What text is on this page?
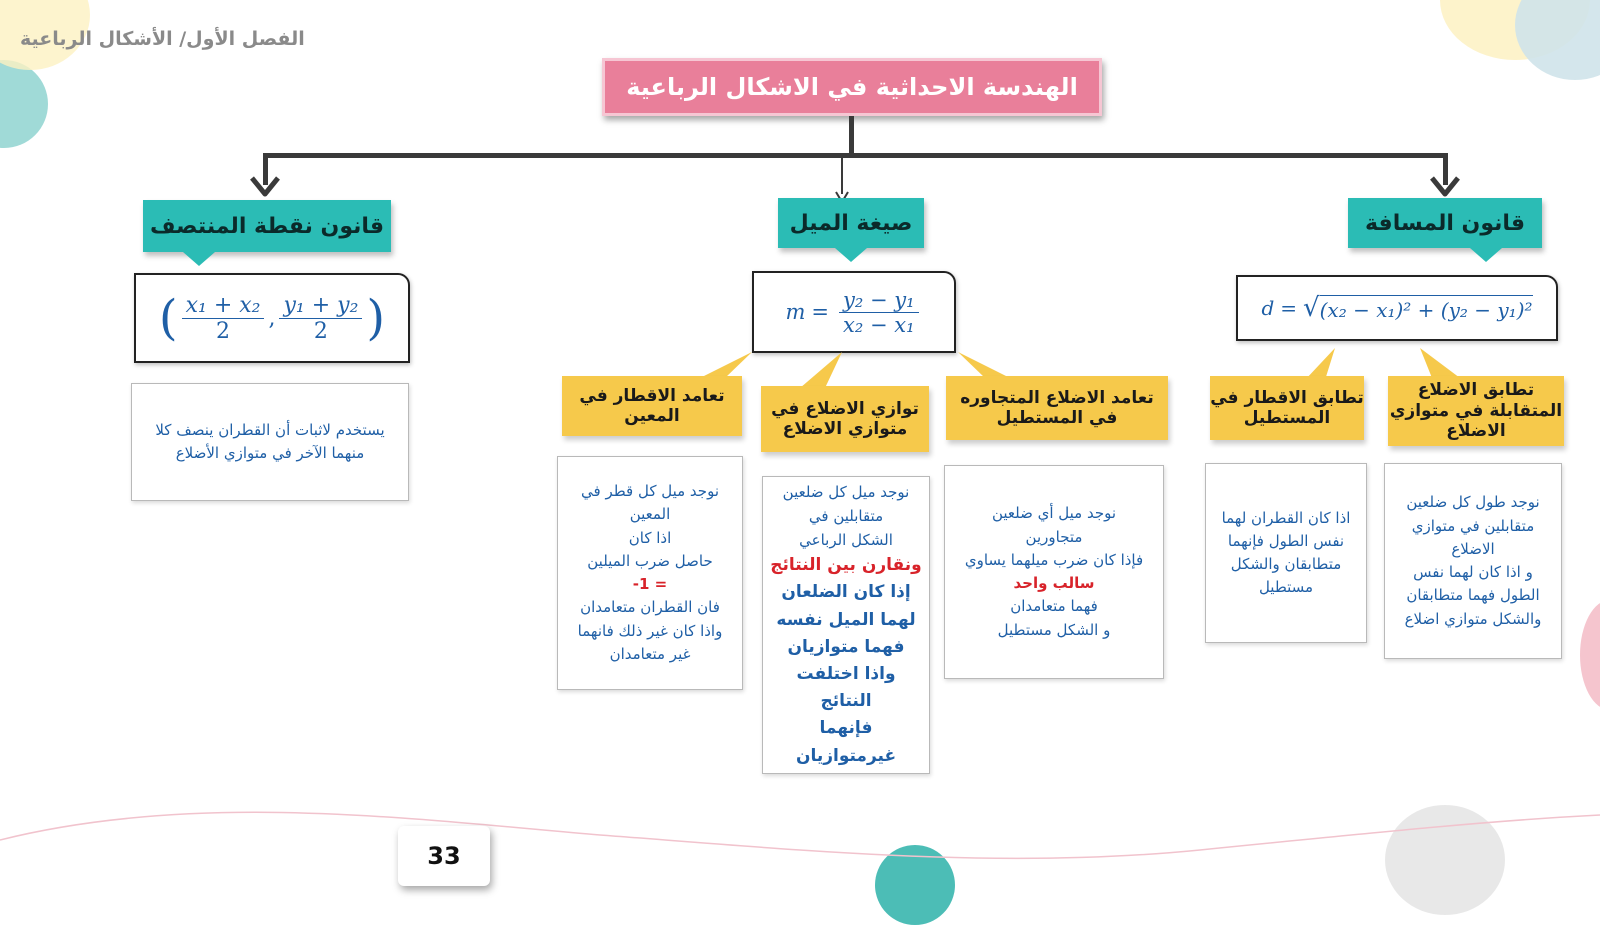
الفصل الأول/ الأشكال الرباعية
الهندسة الاحداثية في الاشكال الرباعية
قانون نقطة المنتصف	صيغة الميل	قانون المسافة
( $\frac{\text{x₁ + x₂}}{2}$ , $\frac{\text{y₁ + y₂}}{2}$ )	$m = \frac{\text{y₂ − y₁}}{\text{x₂ − x₁}}$	d = √ (x₂ − x₁)² + (y₂ − y₁)²
يستخدم لاثبات أن القطران ينصف كلا منهما الآخر في متوازي الأضلاع
تطابق الاضلاع المتقابلة في متوازي الاضلاع
تطابق الاقطار في المستطيل
تعامد الاضلاع المتجاوره في المستطيل
توازي الاضلاع في متوازي الاضلاع
تعامد الاقطار في المعين
نوجد طول كل ضلعين
متقابلين في متوازي
الاضلاع
و اذا كان لهما نفس
الطول فهما متطابقان
والشكل متوازي اضلاع
اذا كان القطران لهما
نفس الطول فإنهما
متطابقان والشكل
مستطيل
نوجد ميل أي ضلعين
متجاورين
فإذا كان ضرب ميلهما يساوي
سالب واحد
فهما متعامدان
و الشكل مستطيل
نوجد ميل كل ضلعين
متقابلين في
الشكل الرباعي
ونقارن بين النتائج
إذا كان الضلعان
لهما الميل نفسه
فهما متوازيان
واذا اختلفت النتائج
فإنهما
غيرمتوازيان
نوجد ميل كل قطر في
المعين
اذا كان
حاصل ضرب الميلين
-1 =
فان القطران متعامدان
واذا كان غير ذلك فانهما
غير متعامدان
33
